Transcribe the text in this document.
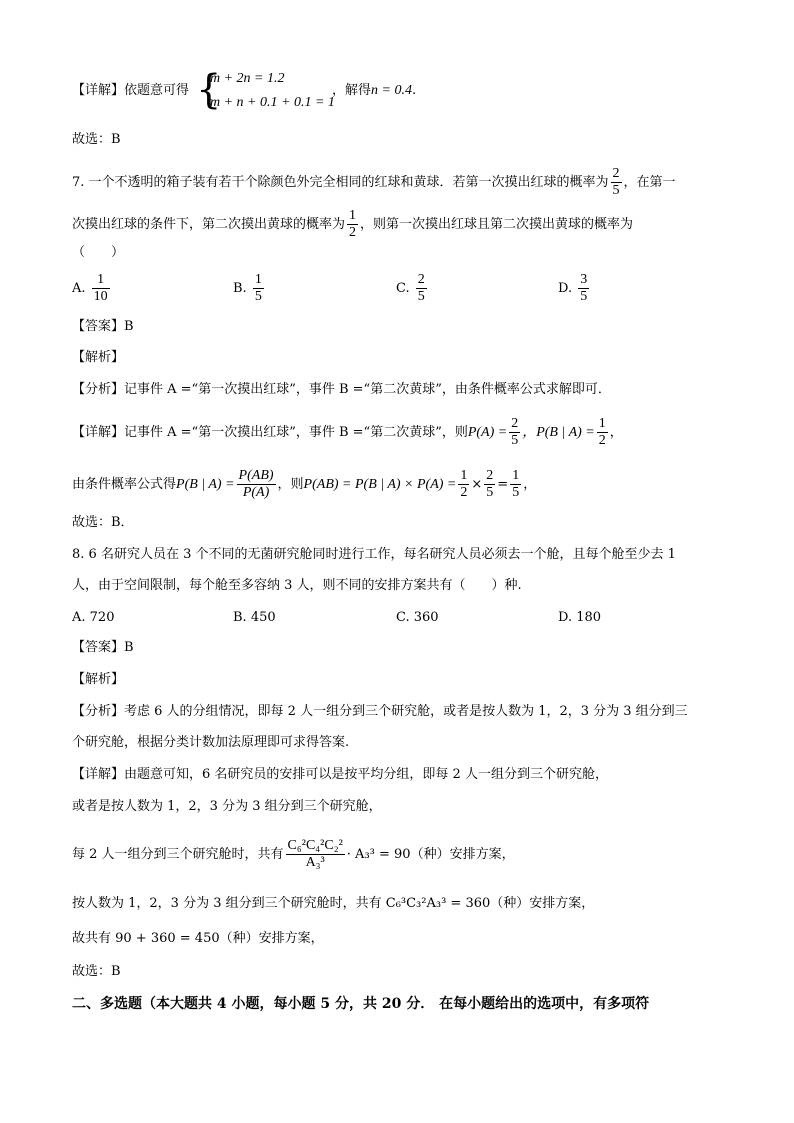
【详解】依题意可得 {
m + 2n = 1.2
m + n + 0.1 + 0.1 = 1
，解得n = 0.4.
故选：B
7. 一个不透明的箱子装有若干个除颜色外完全相同的红球和黄球．若第一次摸出红球的概率为 $\frac{2}{5}$ ，在第一
次摸出红球的条件下，第二次摸出黄球的概率为 $\frac{1}{2}$ ，则第一次摸出红球且第二次摸出黄球的概率为
（　　）
A. $\frac{1}{10}$	B. $\frac{1}{5}$	C. $\frac{2}{5}$	D. $\frac{3}{5}$
【答案】B
【解析】
【分析】记事件 A =“第一次摸出红球”，事件 B =“第二次黄球”，由条件概率公式求解即可．
【详解】记事件 A =“第一次摸出红球”，事件 B =“第二次黄球”，则$P(A) = \frac{2}{5}$ ，P(B | $A) = \frac{1}{2}$ ，
由条件概率公式得P(B | $A) = \frac{P(AB)}{P(A)}$ ，则P(AB) = P(B | $A) \times P(A) = \frac{1}{2} \times \frac{2}{5} = \frac{1}{5}$ ，
故选：B．
8. 6 名研究人员在 3 个不同的无菌研究舱同时进行工作，每名研究人员必须去一个舱，且每个舱至少去 1
人，由于空间限制，每个舱至多容纳 3 人，则不同的安排方案共有（　　）种.
A. 720	B. 450	C. 360	D. 180
【答案】B
【解析】
【分析】考虑 6 人的分组情况，即每 2 人一组分到三个研究舱，或者是按人数为 1，2，3 分为 3 组分到三
个研究舱，根据分类计数加法原理即可求得答案.
【详解】由题意可知，6 名研究员的安排可以是按平均分组，即每 2 人一组分到三个研究舱，
或者是按人数为 1，2，3 分为 3 组分到三个研究舱，
每 2 人一组分到三个研究舱时，共有 $\frac{\text{C₆²C₄²C₂²}}{\text{A₃³}} \cdot A_3^3 = 90$（种）安排方案，
按人数为 1，2，3 分为 3 组分到三个研究舱时，共有 C₆³C₃²A₃³ = 360（种）安排方案，
故共有 90 + 360 = 450（种）安排方案，
故选：B
二、多选题（本大题共 4 小题，每小题 5 分，共 20 分． 在每小题给出的选项中，有多项符
